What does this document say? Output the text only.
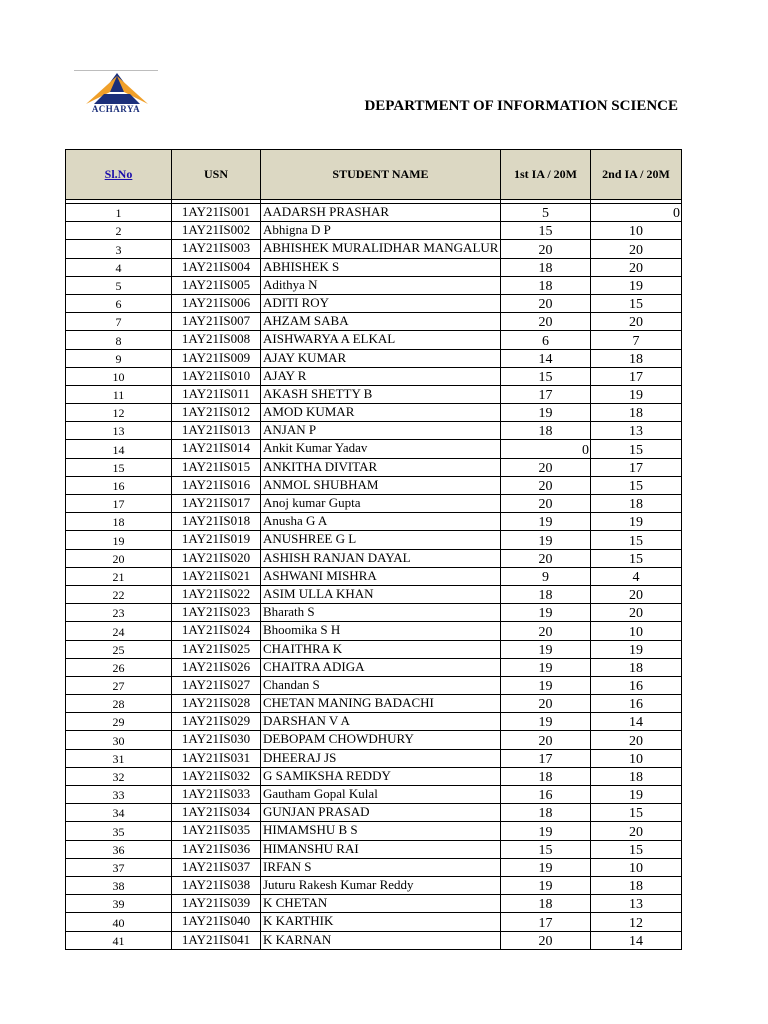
ACHARYA	DEPARTMENT OF INFORMATION SCIENCE
Sl.No	USN	STUDENT NAME	1st IA / 20M	2nd IA / 20M

1	1AY21IS001	AADARSH PRASHAR	5	0
2	1AY21IS002	Abhigna D P	15	10
3	1AY21IS003	ABHISHEK MURALIDHAR MANGALUR	20	20
4	1AY21IS004	ABHISHEK S	18	20
5	1AY21IS005	Adithya N	18	19
6	1AY21IS006	ADITI ROY	20	15
7	1AY21IS007	AHZAM SABA	20	20
8	1AY21IS008	AISHWARYA A ELKAL	6	7
9	1AY21IS009	AJAY KUMAR	14	18
10	1AY21IS010	AJAY R	15	17
11	1AY21IS011	AKASH SHETTY B	17	19
12	1AY21IS012	AMOD KUMAR	19	18
13	1AY21IS013	ANJAN P	18	13
14	1AY21IS014	Ankit Kumar Yadav	0	15
15	1AY21IS015	ANKITHA DIVITAR	20	17
16	1AY21IS016	ANMOL SHUBHAM	20	15
17	1AY21IS017	Anoj kumar Gupta	20	18
18	1AY21IS018	Anusha G A	19	19
19	1AY21IS019	ANUSHREE G L	19	15
20	1AY21IS020	ASHISH RANJAN DAYAL	20	15
21	1AY21IS021	ASHWANI MISHRA	9	4
22	1AY21IS022	ASIM ULLA KHAN	18	20
23	1AY21IS023	Bharath S	19	20
24	1AY21IS024	Bhoomika S H	20	10
25	1AY21IS025	CHAITHRA K	19	19
26	1AY21IS026	CHAITRA ADIGA	19	18
27	1AY21IS027	Chandan S	19	16
28	1AY21IS028	CHETAN MANING BADACHI	20	16
29	1AY21IS029	DARSHAN V A	19	14
30	1AY21IS030	DEBOPAM CHOWDHURY	20	20
31	1AY21IS031	DHEERAJ JS	17	10
32	1AY21IS032	G SAMIKSHA REDDY	18	18
33	1AY21IS033	Gautham Gopal Kulal	16	19
34	1AY21IS034	GUNJAN PRASAD	18	15
35	1AY21IS035	HIMAMSHU B S	19	20
36	1AY21IS036	HIMANSHU RAI	15	15
37	1AY21IS037	IRFAN S	19	10
38	1AY21IS038	Juturu Rakesh Kumar Reddy	19	18
39	1AY21IS039	K CHETAN	18	13
40	1AY21IS040	K KARTHIK	17	12
41	1AY21IS041	K KARNAN	20	14
